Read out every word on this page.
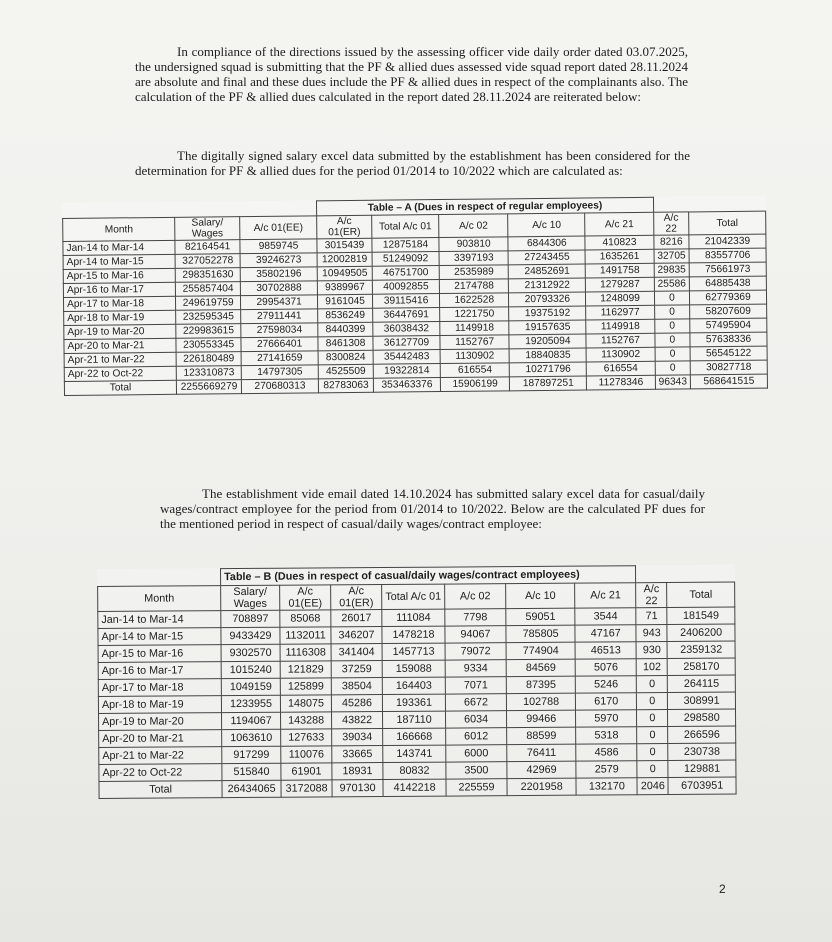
In compliance of the directions issued by the assessing officer vide daily order dated 03.07.2025, the undersigned squad is submitting that the PF & allied dues assessed vide squad report dated 28.11.2024 are absolute and final and these dues include the PF & allied dues in respect of the complainants also. The calculation of the PF & allied dues calculated in the report dated 28.11.2024 are reiterated below:

The digitally signed salary excel data submitted by the establishment has been considered for the determination for PF & allied dues for the period 01/2014 to 10/2022 which are calculated as:

			Table – A (Dues in respect of regular employees)						
Month	Salary/ Wages	A/c 01(EE)	A/c 01(ER)	Total A/c 01	A/c 02	A/c 10	A/c 21	A/c 22	Total
Jan-14 to Mar-14	82164541	9859745	3015439	12875184	903810	6844306	410823	8216	21042339
Apr-14 to Mar-15	327052278	39246273	12002819	51249092	3397193	27243455	1635261	32705	83557706
Apr-15 to Mar-16	298351630	35802196	10949505	46751700	2535989	24852691	1491758	29835	75661973
Apr-16 to Mar-17	255857404	30702888	9389967	40092855	2174788	21312922	1279287	25586	64885438
Apr-17 to Mar-18	249619759	29954371	9161045	39115416	1622528	20793326	1248099	0	62779369
Apr-18 to Mar-19	232595345	27911441	8536249	36447691	1221750	19375192	1162977	0	58207609
Apr-19 to Mar-20	229983615	27598034	8440399	36038432	1149918	19157635	1149918	0	57495904
Apr-20 to Mar-21	230553345	27666401	8461308	36127709	1152767	19205094	1152767	0	57638336
Apr-21 to Mar-22	226180489	27141659	8300824	35442483	1130902	18840835	1130902	0	56545122
Apr-22 to Oct-22	123310873	14797305	4525509	19322814	616554	10271796	616554	0	30827718
Total	2255669279	270680313	82783063	353463376	15906199	187897251	11278346	96343	568641515

The establishment vide email dated 14.10.2024 has submitted salary excel data for casual/daily wages/contract employee for the period from 01/2014 to 10/2022. Below are the calculated PF dues for the mentioned period in respect of casual/daily wages/contract employee:

	Table – B (Dues in respect of casual/daily wages/contract employees)								
Month	Salary/ Wages	A/c 01(EE)	A/c 01(ER)	Total A/c 01	A/c 02	A/c 10	A/c 21	A/c 22	Total
Jan-14 to Mar-14	708897	85068	26017	111084	7798	59051	3544	71	181549
Apr-14 to Mar-15	9433429	1132011	346207	1478218	94067	785805	47167	943	2406200
Apr-15 to Mar-16	9302570	1116308	341404	1457713	79072	774904	46513	930	2359132
Apr-16 to Mar-17	1015240	121829	37259	159088	9334	84569	5076	102	258170
Apr-17 to Mar-18	1049159	125899	38504	164403	7071	87395	5246	0	264115
Apr-18 to Mar-19	1233955	148075	45286	193361	6672	102788	6170	0	308991
Apr-19 to Mar-20	1194067	143288	43822	187110	6034	99466	5970	0	298580
Apr-20 to Mar-21	1063610	127633	39034	166668	6012	88599	5318	0	266596
Apr-21 to Mar-22	917299	110076	33665	143741	6000	76411	4586	0	230738
Apr-22 to Oct-22	515840	61901	18931	80832	3500	42969	2579	0	129881
Total	26434065	3172088	970130	4142218	225559	2201958	132170	2046	6703951
2
